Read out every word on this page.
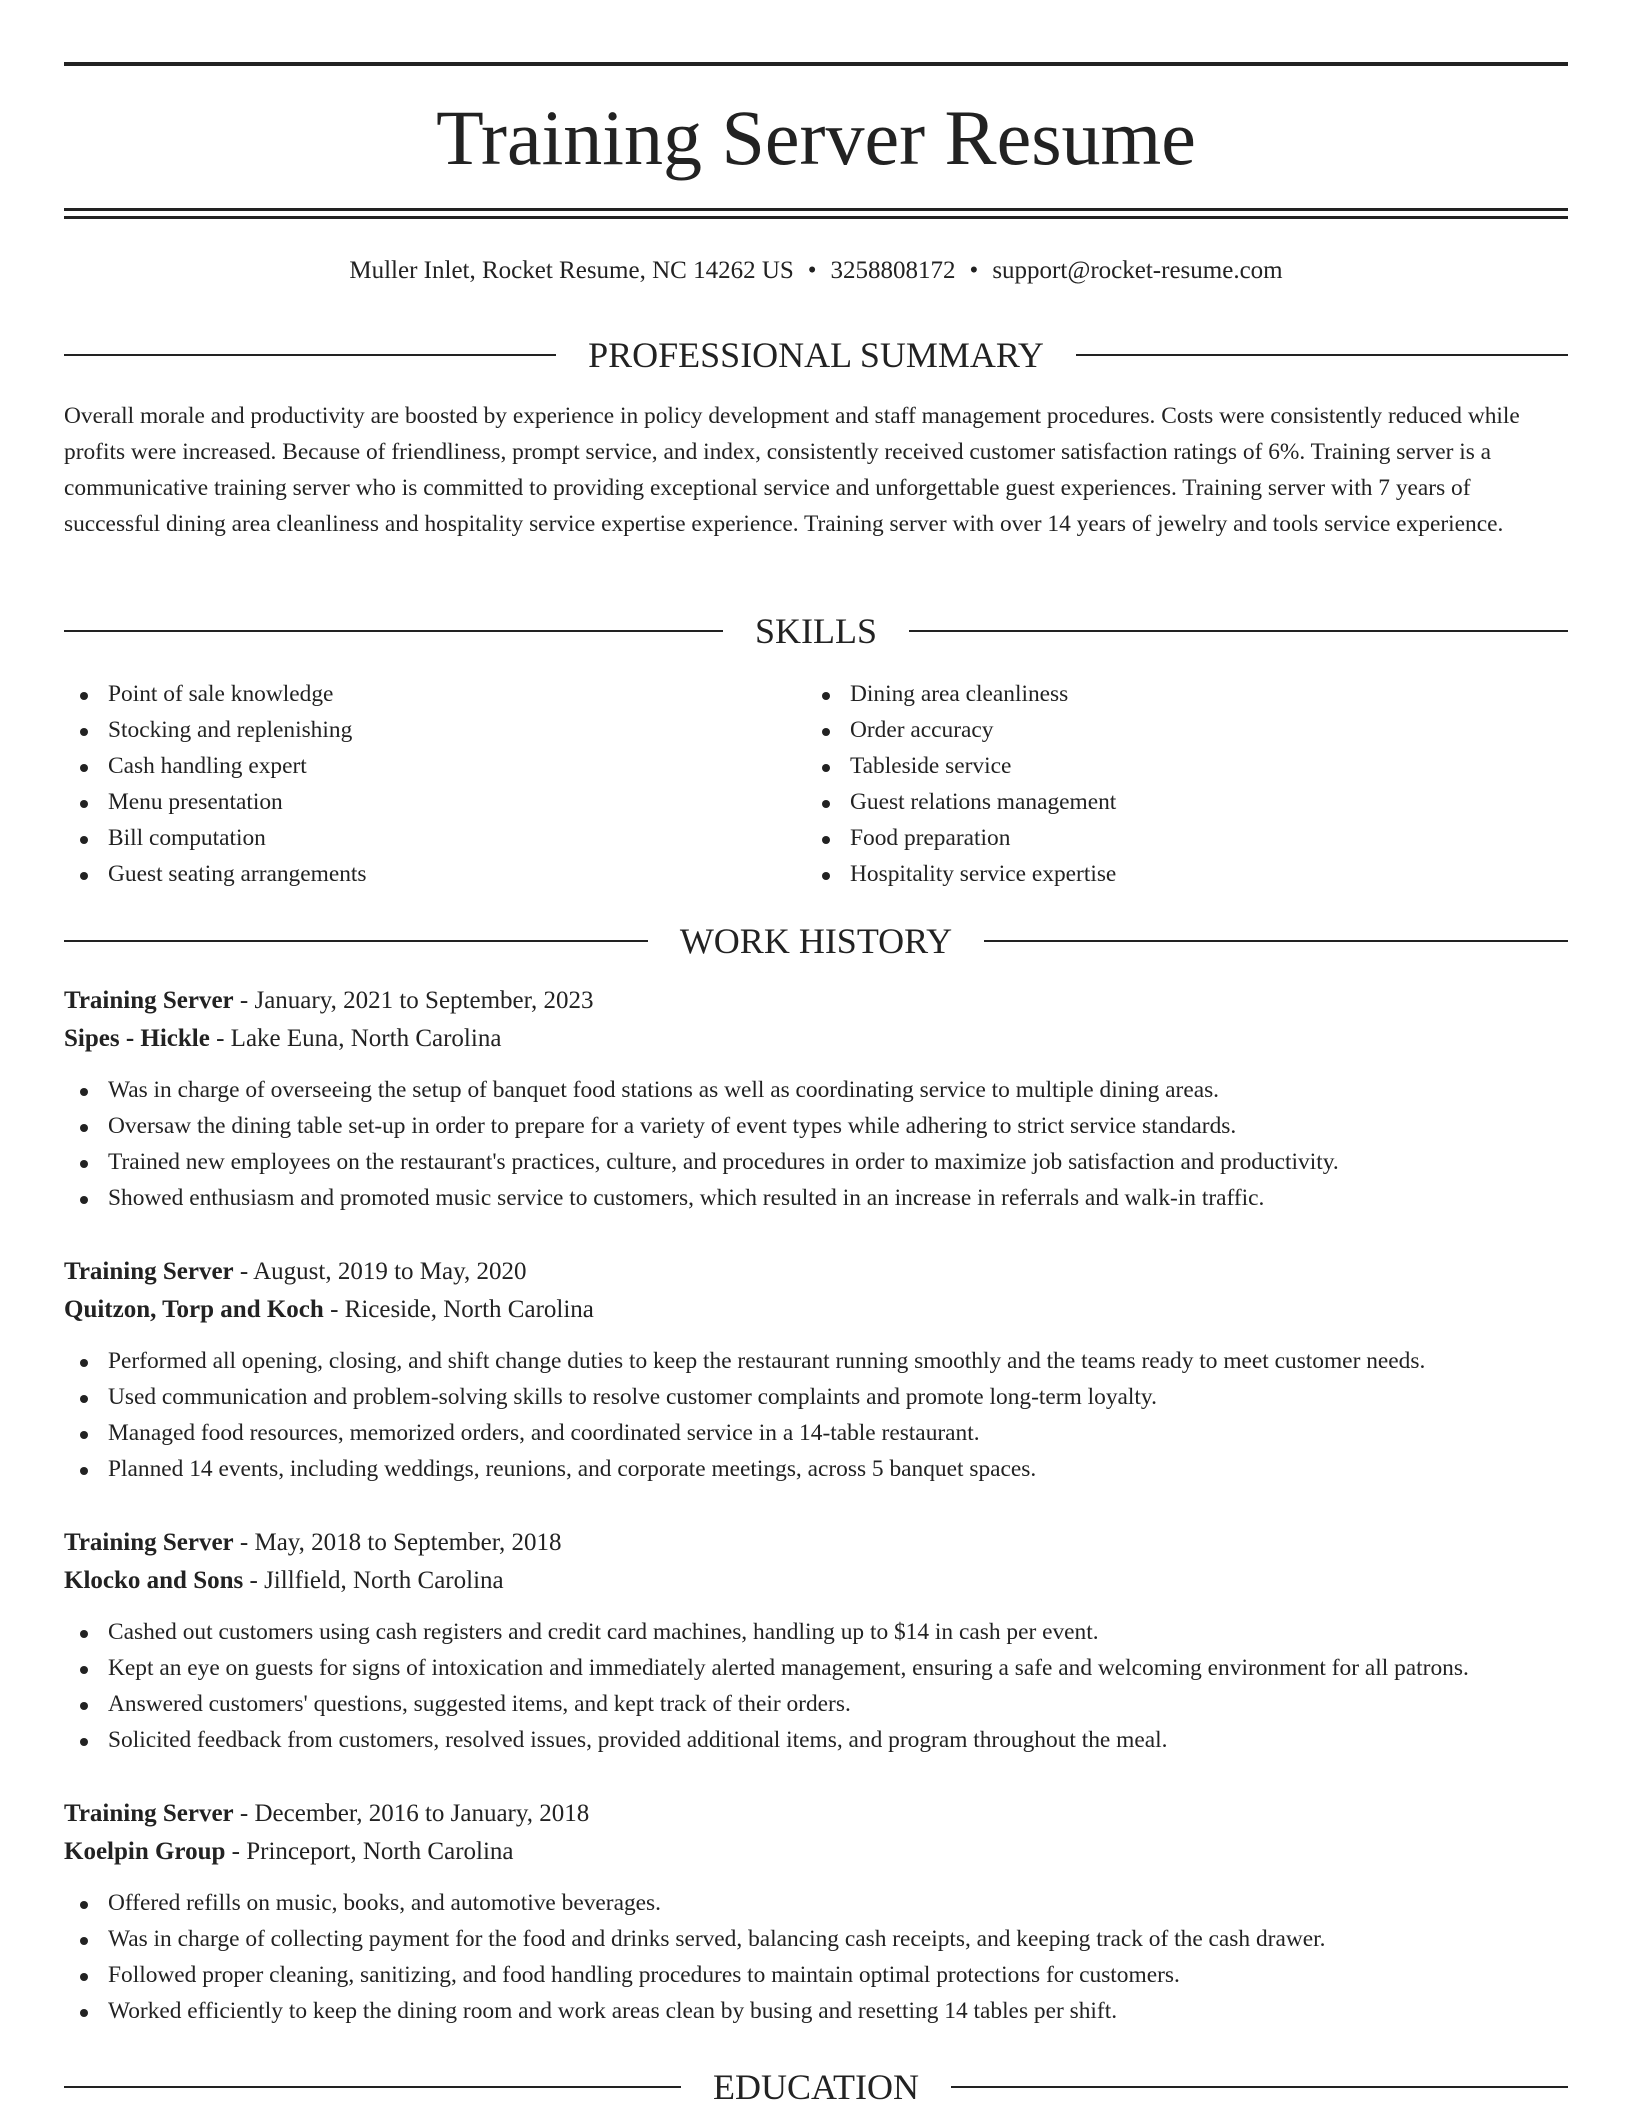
Training Server Resume
Muller Inlet, Rocket Resume, NC 14262 US • 3258808172 • support@rocket-resume.com
PROFESSIONAL SUMMARY

Overall morale and productivity are boosted by experience in policy development and staff management procedures. Costs were consistently reduced while profits were increased. Because of friendliness, prompt service, and index, consistently received customer satisfaction ratings of 6%. Training server is a communicative training server who is committed to providing exceptional service and unforgettable guest experiences. Training server with 7 years of successful dining area cleanliness and hospitality service expertise experience. Training server with over 14 years of jewelry and tools service experience.

SKILLS
Point of sale knowledge
Stocking and replenishing
Cash handling expert
Menu presentation
Bill computation
Guest seating arrangements
Dining area cleanliness
Order accuracy
Tableside service
Guest relations management
Food preparation
Hospitality service expertise
WORK HISTORY
Training Server - January, 2021 to September, 2023
Sipes - Hickle - Lake Euna, North Carolina
Was in charge of overseeing the setup of banquet food stations as well as coordinating service to multiple dining areas.
Oversaw the dining table set-up in order to prepare for a variety of event types while adhering to strict service standards.
Trained new employees on the restaurant's practices, culture, and procedures in order to maximize job satisfaction and productivity.
Showed enthusiasm and promoted music service to customers, which resulted in an increase in referrals and walk-in traffic.
Training Server - August, 2019 to May, 2020
Quitzon, Torp and Koch - Riceside, North Carolina
Performed all opening, closing, and shift change duties to keep the restaurant running smoothly and the teams ready to meet customer needs.
Used communication and problem-solving skills to resolve customer complaints and promote long-term loyalty.
Managed food resources, memorized orders, and coordinated service in a 14-table restaurant.
Planned 14 events, including weddings, reunions, and corporate meetings, across 5 banquet spaces.
Training Server - May, 2018 to September, 2018
Klocko and Sons - Jillfield, North Carolina
Cashed out customers using cash registers and credit card machines, handling up to $14 in cash per event.
Kept an eye on guests for signs of intoxication and immediately alerted management, ensuring a safe and welcoming environment for all patrons.
Answered customers' questions, suggested items, and kept track of their orders.
Solicited feedback from customers, resolved issues, provided additional items, and program throughout the meal.
Training Server - December, 2016 to January, 2018
Koelpin Group - Princeport, North Carolina
Offered refills on music, books, and automotive beverages.
Was in charge of collecting payment for the food and drinks served, balancing cash receipts, and keeping track of the cash drawer.
Followed proper cleaning, sanitizing, and food handling procedures to maintain optimal protections for customers.
Worked efficiently to keep the dining room and work areas clean by busing and resetting 14 tables per shift.
EDUCATION
